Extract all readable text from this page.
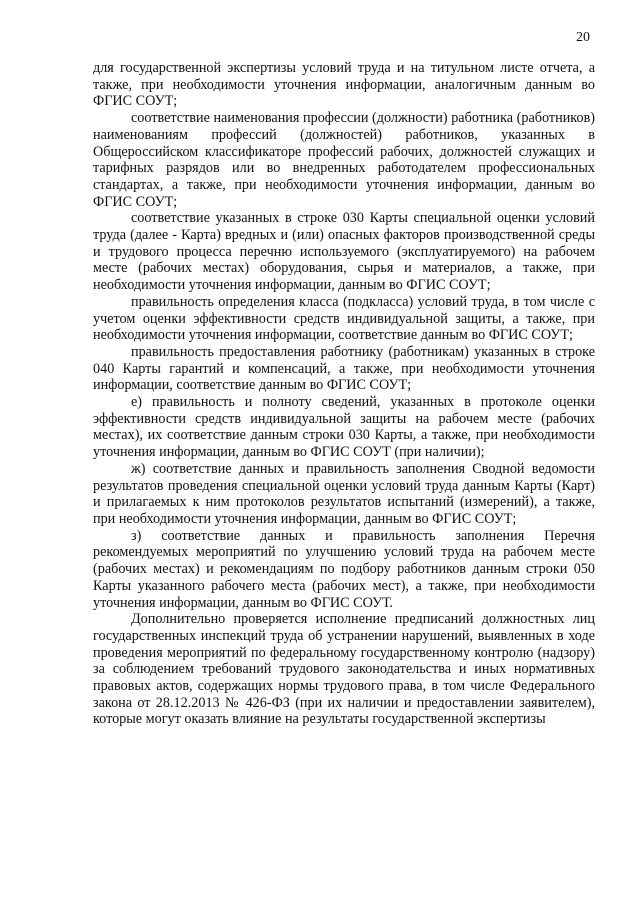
20

для государственной экспертизы условий труда и на титульном листе отчета, а также, при необходимости уточнения информации, аналогичным данным во ФГИС СОУТ;

соответствие наименования профессии (должности) работника (работников) наименованиям профессий (должностей) работников, указанных в Общероссийском классификаторе профессий рабочих, должностей служащих и тарифных разрядов или во внедренных работодателем профессиональных стандартах, а также, при необходимости уточнения информации, данным во ФГИС СОУТ;

соответствие указанных в строке 030 Карты специальной оценки условий труда (далее - Карта) вредных и (или) опасных факторов производственной среды и трудового процесса перечню используемого (эксплуатируемого) на рабочем месте (рабочих местах) оборудования, сырья и материалов, а также, при необходимости уточнения информации, данным во ФГИС СОУТ;

правильность определения класса (подкласса) условий труда, в том числе с учетом оценки эффективности средств индивидуальной защиты, а также, при необходимости уточнения информации, соответствие данным во ФГИС СОУТ;

правильность предоставления работнику (работникам) указанных в строке 040 Карты гарантий и компенсаций, а также, при необходимости уточнения информации, соответствие данным во ФГИС СОУТ;

е) правильность и полноту сведений, указанных в протоколе оценки эффективности средств индивидуальной защиты на рабочем месте (рабочих местах), их соответствие данным строки 030 Карты, а также, при необходимости уточнения информации, данным во ФГИС СОУТ (при наличии);

ж) соответствие данных и правильность заполнения Сводной ведомости результатов проведения специальной оценки условий труда данным Карты (Карт) и прилагаемых к ним протоколов результатов испытаний (измерений), а также, при необходимости уточнения информации, данным во ФГИС СОУТ;

з) соответствие данных и правильность заполнения Перечня рекомендуемых мероприятий по улучшению условий труда на рабочем месте (рабочих местах) и рекомендациям по подбору работников данным строки 050 Карты указанного рабочего места (рабочих мест), а также, при необходимости уточнения информации, данным во ФГИС СОУТ.

Дополнительно проверяется исполнение предписаний должностных лиц государственных инспекций труда об устранении нарушений, выявленных в ходе проведения мероприятий по федеральному государственному контролю (надзору) за соблюдением требований трудового законодательства и иных нормативных правовых актов, содержащих нормы трудового права, в том числе Федерального закона от 28.12.2013 № 426-ФЗ (при их наличии и предоставлении заявителем), которые могут оказать влияние на результаты государственной экспертизы
